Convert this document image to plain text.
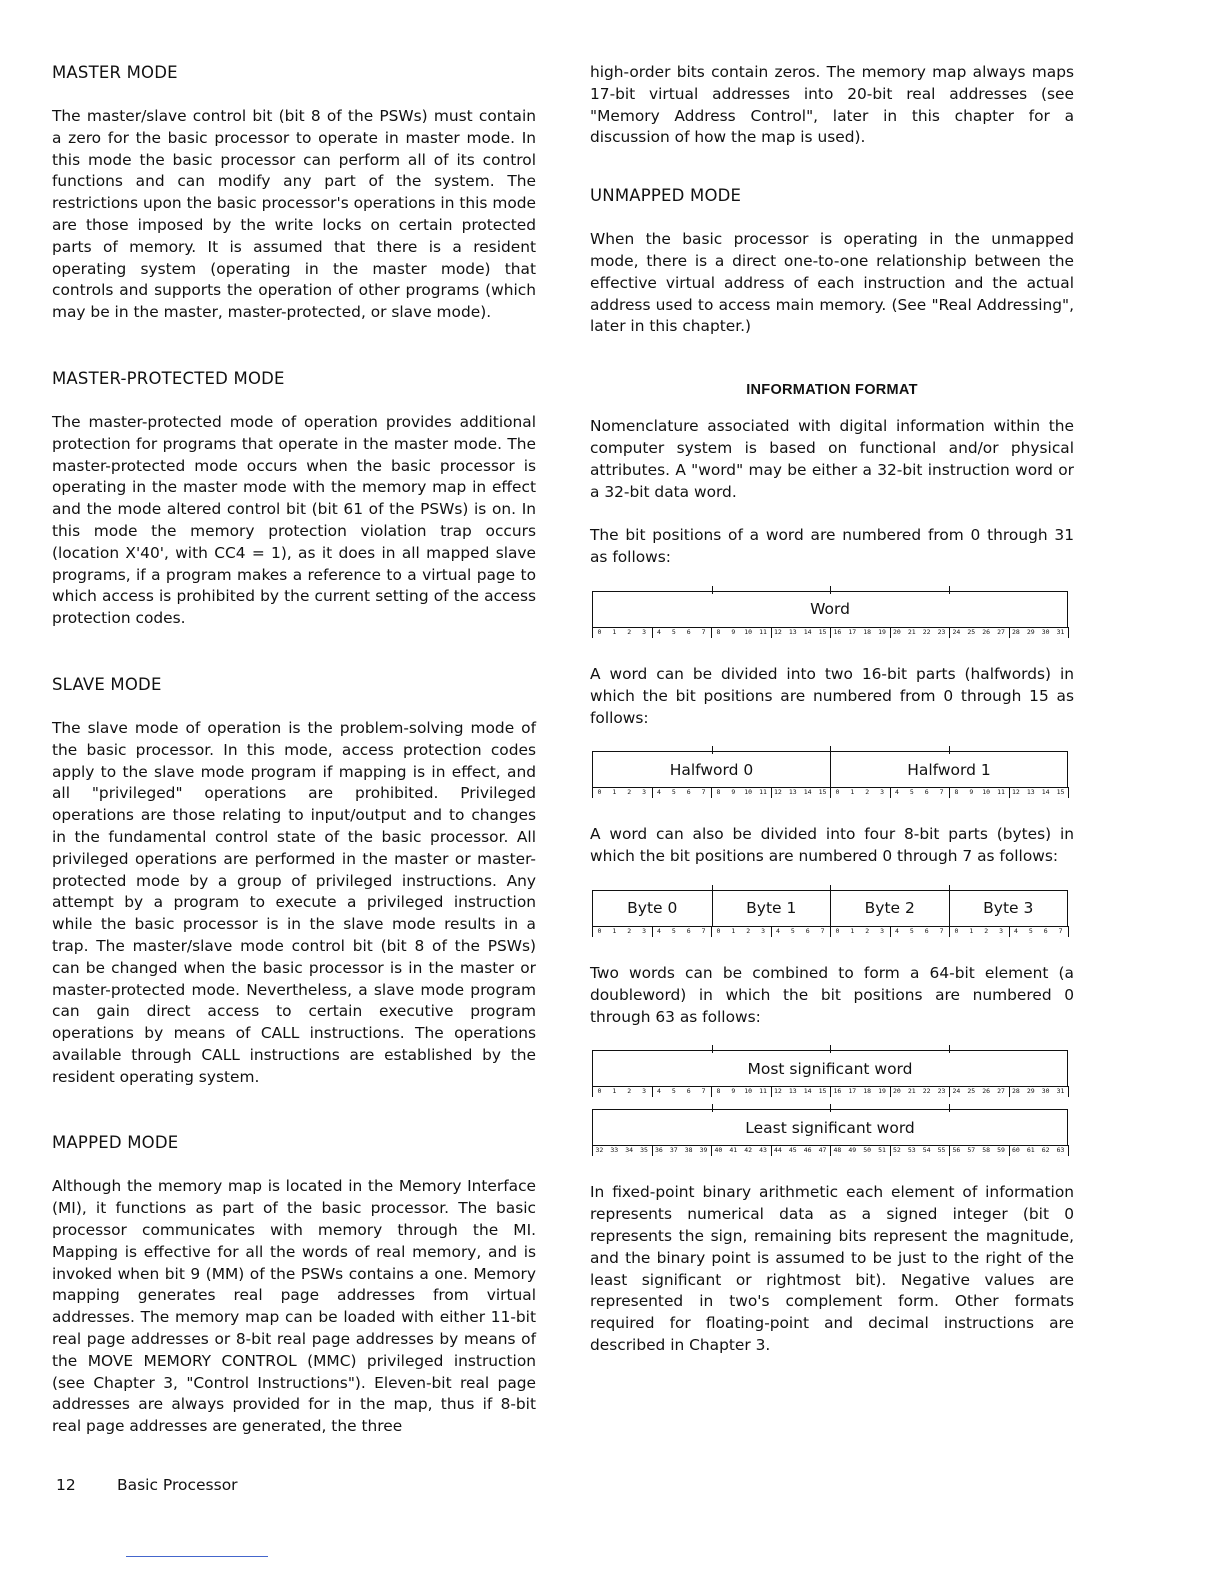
MASTER MODE

The master/slave control bit (bit 8 of the PSWs) must contain a zero for the basic processor to operate in master mode. In this mode the basic processor can perform all of its control functions and can modify any part of the system. The restrictions upon the basic processor's operations in this mode are those imposed by the write locks on certain protected parts of memory. It is assumed that there is a resident operating system (operating in the master mode) that controls and supports the operation of other programs (which may be in the master, master-protected, or slave mode).

MASTER-PROTECTED MODE

The master-protected mode of operation provides additional protection for programs that operate in the master mode. The master-protected mode occurs when the basic processor is operating in the master mode with the memory map in effect and the mode altered control bit (bit 61 of the PSWs) is on. In this mode the memory protection violation trap occurs (location X'40', with CC4 = 1), as it does in all mapped slave programs, if a program makes a reference to a virtual page to which access is prohibited by the current setting of the access protection codes.

SLAVE MODE

The slave mode of operation is the problem-solving mode of the basic processor. In this mode, access protection codes apply to the slave mode program if mapping is in effect, and all "privileged" operations are prohibited. Privileged operations are those relating to input/output and to changes in the fundamental control state of the basic processor. All privileged operations are performed in the master or master-protected mode by a group of privileged instructions. Any attempt by a program to execute a privileged instruction while the basic processor is in the slave mode results in a trap. The master/slave mode control bit (bit 8 of the PSWs) can be changed when the basic processor is in the master or master-protected mode. Nevertheless, a slave mode program can gain direct access to certain executive program operations by means of CALL instructions. The operations available through CALL instructions are established by the resident operating system.

MAPPED MODE

Although the memory map is located in the Memory Interface (MI), it functions as part of the basic processor. The basic processor communicates with memory through the MI. Mapping is effective for all the words of real memory, and is invoked when bit 9 (MM) of the PSWs contains a one. Memory mapping generates real page addresses from virtual addresses. The memory map can be loaded with either 11-bit real page addresses or 8-bit real page addresses by means of the MOVE MEMORY CONTROL (MMC) privileged instruction (see Chapter 3, "Control Instructions"). Eleven-bit real page addresses are always provided for in the map, thus if 8-bit real page addresses are generated, the three

high-order bits contain zeros. The memory map always maps 17-bit virtual addresses into 20-bit real addresses (see "Memory Address Control", later in this chapter for a discussion of how the map is used).

UNMAPPED MODE

When the basic processor is operating in the unmapped mode, there is a direct one-to-one relationship between the effective virtual address of each instruction and the actual address used to access main memory. (See "Real Addressing", later in this chapter.)

INFORMATION FORMAT

Nomenclature associated with digital information within the computer system is based on functional and/or physical attributes. A "word" may be either a 32-bit instruction word or a 32-bit data word.

The bit positions of a word are numbered from 0 through 31 as follows:

Word
0 1 2 3 4 5 6 7 8 9 10 11 12 13 14 15 16 17 18 19 20 21 22 23 24 25 26 27 28 29 30 31

A word can be divided into two 16-bit parts (halfwords) in which the bit positions are numbered from 0 through 15 as follows:

Halfword 0	Halfword 1
0 1 2 3 4 5 6 7 8 9 10 11 12 13 14 15 0 1 2 3 4 5 6 7 8 9 10 11 12 13 14 15

A word can also be divided into four 8-bit parts (bytes) in which the bit positions are numbered 0 through 7 as follows:

Byte 0	Byte 1	Byte 2	Byte 3
0 1 2 3 4 5 6 7 0 1 2 3 4 5 6 7 0 1 2 3 4 5 6 7 0 1 2 3 4 5 6 7

Two words can be combined to form a 64-bit element (a doubleword) in which the bit positions are numbered 0 through 63 as follows:

Most significant word
0 1 2 3 4 5 6 7 8 9 10 11 12 13 14 15 16 17 18 19 20 21 22 23 24 25 26 27 28 29 30 31
Least significant word
32 33 34 35 36 37 38 39 40 41 42 43 44 45 46 47 48 49 50 51 52 53 54 55 56 57 58 59 60 61 62 63

In fixed-point binary arithmetic each element of information represents numerical data as a signed integer (bit 0 represents the sign, remaining bits represent the magnitude, and the binary point is assumed to be just to the right of the least significant or rightmost bit). Negative values are represented in two's complement form. Other formats required for floating-point and decimal instructions are described in Chapter 3.

12	Basic Processor
